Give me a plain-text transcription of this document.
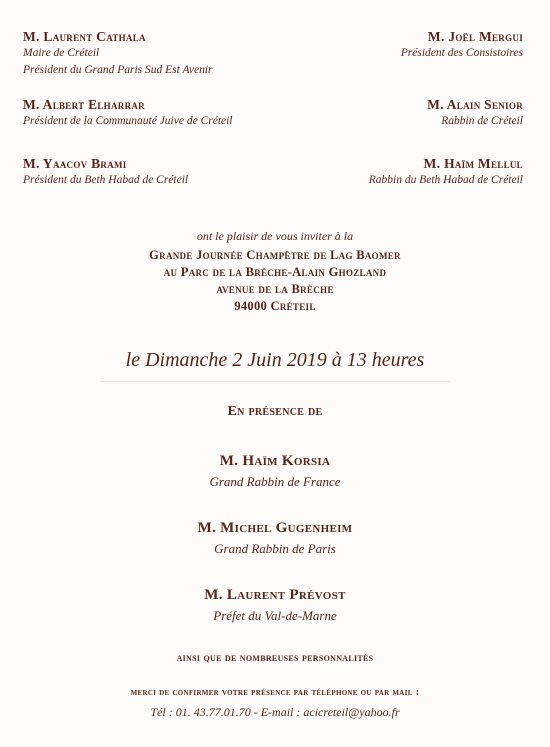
M. Laurent Cathala
Maire de Créteil
Président du Grand Paris Sud Est Avenir
M. Albert Elharrar
Président de la Communauté Juive de Créteil
M. Yaacov Brami
Président du Beth Habad de Créteil
M. Joël Mergui
Président des Consistoires
M. Alain Senior
Rabbin de Créteil
M. Haïm Mellul
Rabbin du Beth Habad de Créteil
ont le plaisir de vous inviter à la
Grande Journée Champêtre de Lag Baomer
au Parc de la Brèche-Alain Ghozland
avenue de la Brèche
94000 Créteil
le Dimanche 2 Juin 2019 à 13 heures
En présence de
M. Haïm Korsia
Grand Rabbin de France
M. Michel Gugenheim
Grand Rabbin de Paris
M. Laurent Prévost
Préfet du Val-de-Marne
ainsi que de nombreuses personnalités
merci de confirmer votre présence par téléphone ou par mail :
Tél : 01. 43.77.01.70 - E-mail : acicreteil@yahoo.fr
